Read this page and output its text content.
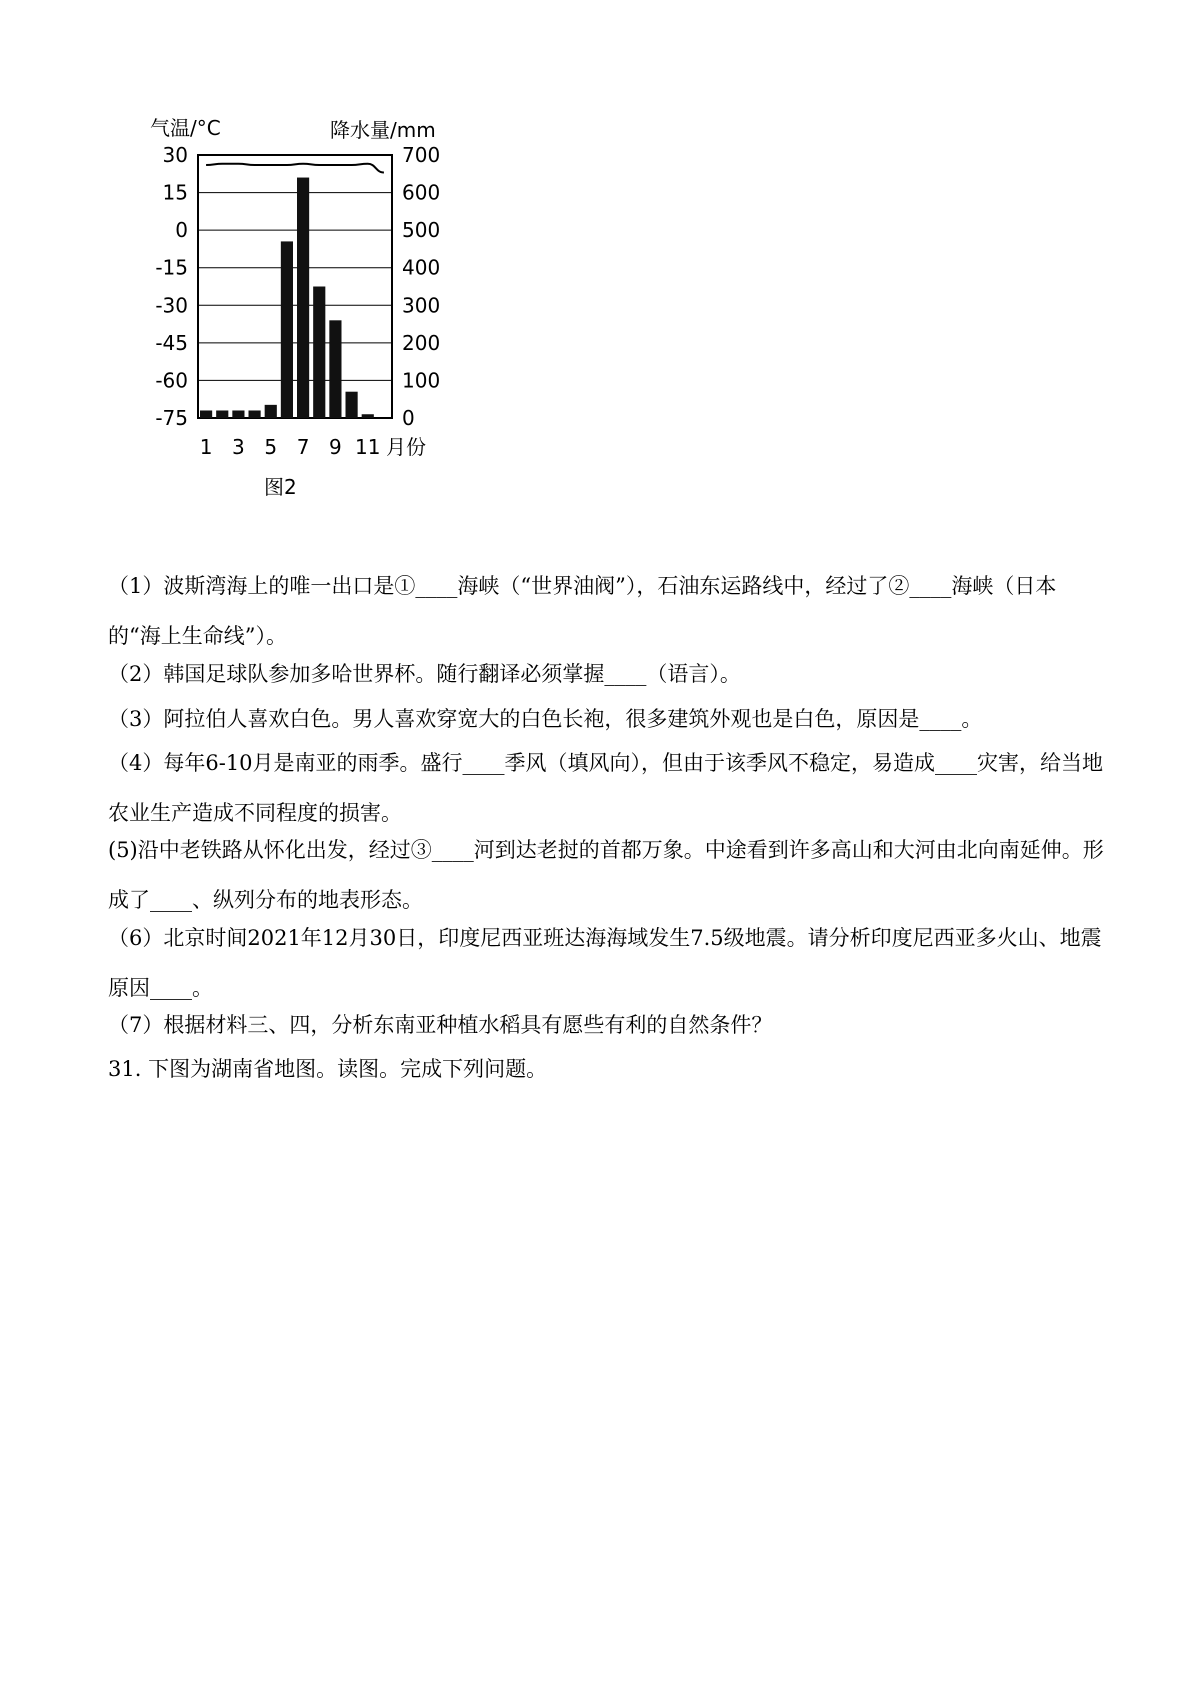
气温/°C	降水量/mm
月份
图2
30
15
0
-15
-30
-45
-60
-75
700
600
500
400
300
200
100
0
1 3 5 7 9 11

（1）波斯湾海上的唯一出口是①____海峡（“世界油阀”），石油东运路线中，经过了②____海峡（日本的“海上生命线”）。

（2）韩国足球队参加多哈世界杯。随行翻译必须掌握____（语言）。

（3）阿拉伯人喜欢白色。男人喜欢穿宽大的白色长袍，很多建筑外观也是白色，原因是____。

（4）每年6-10月是南亚的雨季。盛行____季风（填风向），但由于该季风不稳定，易造成____灾害，给当地农业生产造成不同程度的损害。

(5)沿中老铁路从怀化出发，经过③____河到达老挝的首都万象。中途看到许多高山和大河由北向南延伸。形成了____、纵列分布的地表形态。

（6）北京时间2021年12月30日，印度尼西亚班达海海域发生7.5级地震。请分析印度尼西亚多火山、地震　原因____。

（7）根据材料三、四，分析东南亚种植水稻具有愿些有利的自然条件？

31. 下图为湖南省地图。读图。完成下列问题。
